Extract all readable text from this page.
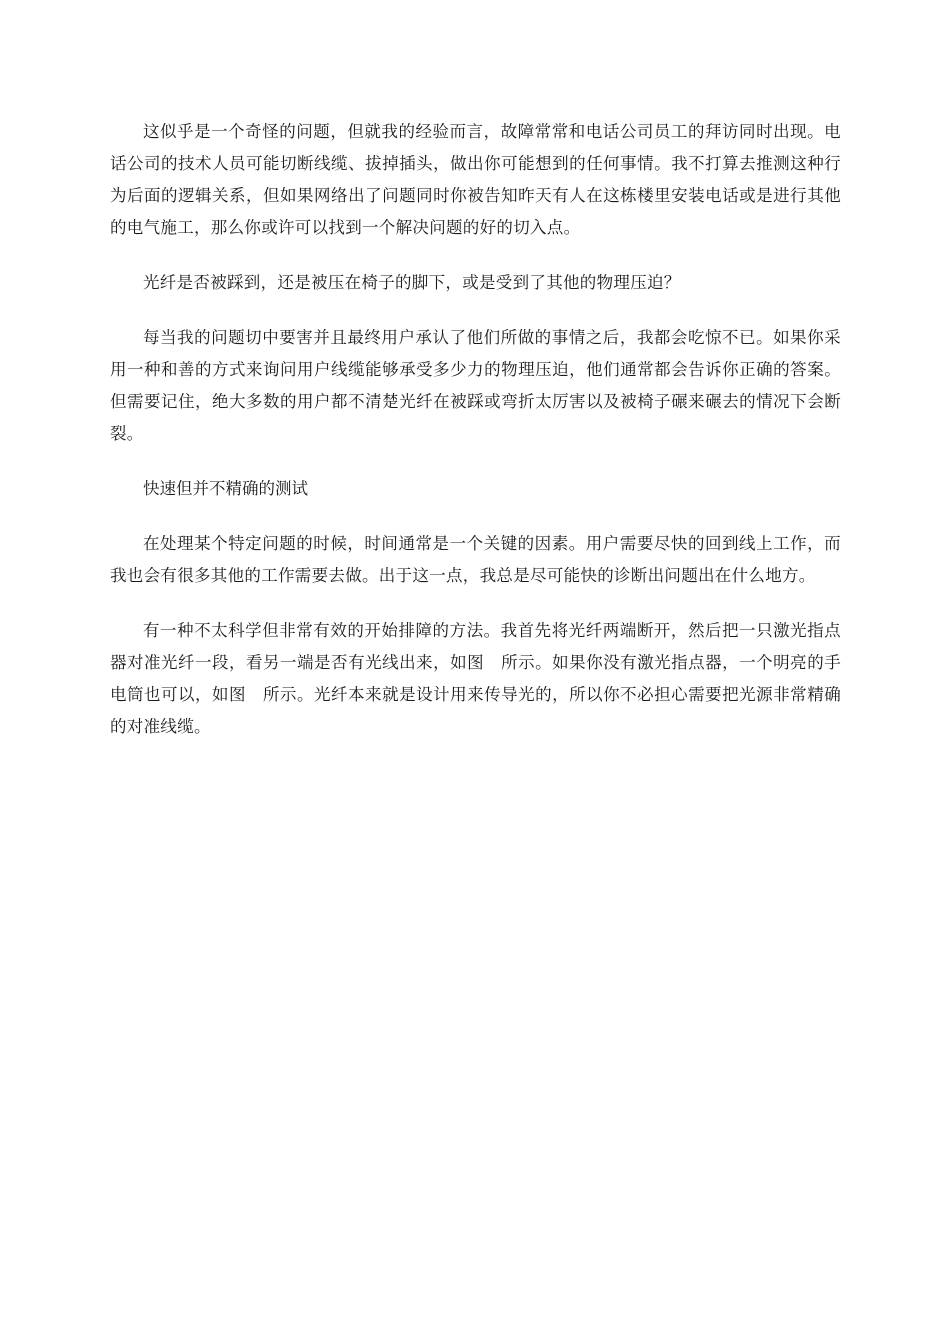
这似乎是一个奇怪的问题，但就我的经验而言，故障常常和电话公司员工的拜访同时出现。电话公司的技术人员可能切断线缆、拔掉插头，做出你可能想到的任何事情。我不打算去推测这种行为后面的逻辑关系，但如果网络出了问题同时你被告知昨天有人在这栋楼里安装电话或是进行其他的电气施工，那么你或许可以找到一个解决问题的好的切入点。

光纤是否被踩到，还是被压在椅子的脚下，或是受到了其他的物理压迫？

每当我的问题切中要害并且最终用户承认了他们所做的事情之后，我都会吃惊不已。如果你采用一种和善的方式来询问用户线缆能够承受多少力的物理压迫，他们通常都会告诉你正确的答案。但需要记住，绝大多数的用户都不清楚光纤在被踩或弯折太厉害以及被椅子碾来碾去的情况下会断裂。

快速但并不精确的测试

在处理某个特定问题的时候，时间通常是一个关键的因素。用户需要尽快的回到线上工作，而我也会有很多其他的工作需要去做。出于这一点，我总是尽可能快的诊断出问题出在什么地方。

有一种不太科学但非常有效的开始排障的方法。我首先将光纤两端断开，然后把一只激光指点器对准光纤一段，看另一端是否有光线出来，如图　所示。如果你没有激光指点器，一个明亮的手电筒也可以，如图　所示。光纤本来就是设计用来传导光的，所以你不必担心需要把光源非常精确的对准线缆。
